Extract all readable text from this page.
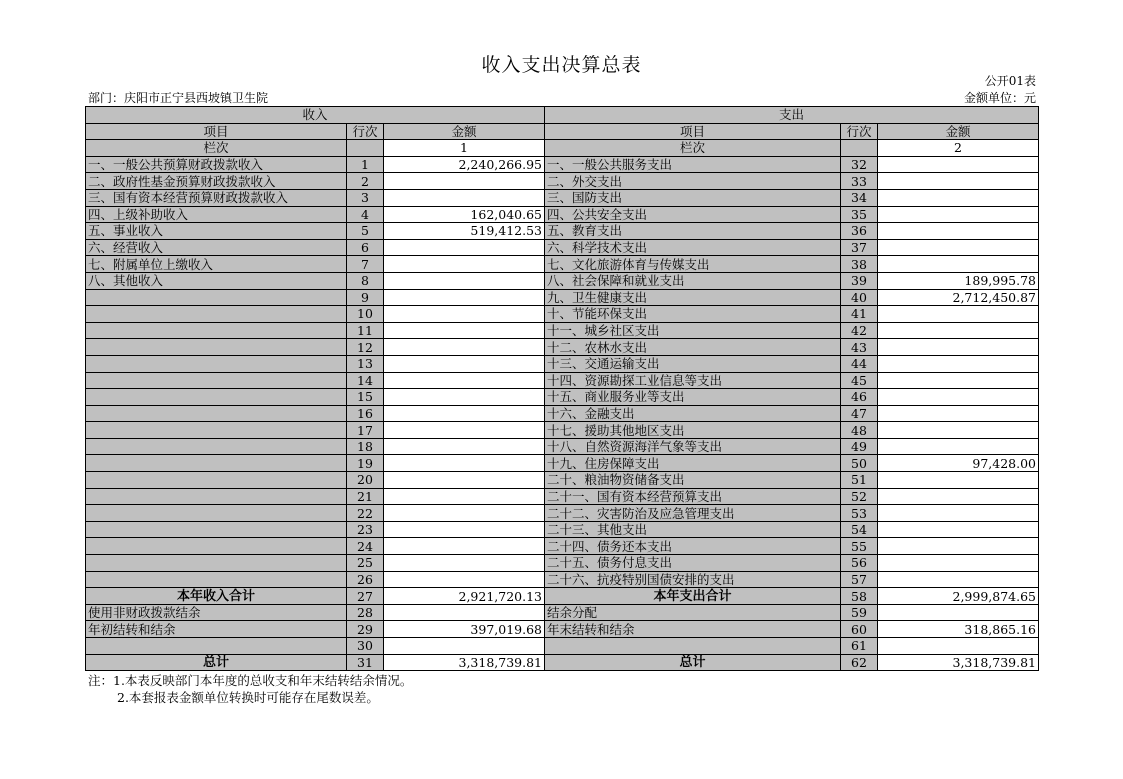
收入支出决算总表
公开01表
部门：庆阳市正宁县西坡镇卫生院	金额单位：元
收入			支出		
项目	行次	金额	项目	行次	金额
栏次		1	栏次		2
一、一般公共预算财政拨款收入	1	2,240,266.95	一、一般公共服务支出	32	
二、政府性基金预算财政拨款收入	2		二、外交支出	33	
三、国有资本经营预算财政拨款收入	3		三、国防支出	34	
四、上级补助收入	4	162,040.65	四、公共安全支出	35	
五、事业收入	5	519,412.53	五、教育支出	36	
六、经营收入	6		六、科学技术支出	37	
七、附属单位上缴收入	7		七、文化旅游体育与传媒支出	38	
八、其他收入	8		八、社会保障和就业支出	39	189,995.78
	9		九、卫生健康支出	40	2,712,450.87
	10		十、节能环保支出	41	
	11		十一、城乡社区支出	42	
	12		十二、农林水支出	43	
	13		十三、交通运输支出	44	
	14		十四、资源勘探工业信息等支出	45	
	15		十五、商业服务业等支出	46	
	16		十六、金融支出	47	
	17		十七、援助其他地区支出	48	
	18		十八、自然资源海洋气象等支出	49	
	19		十九、住房保障支出	50	97,428.00
	20		二十、粮油物资储备支出	51	
	21		二十一、国有资本经营预算支出	52	
	22		二十二、灾害防治及应急管理支出	53	
	23		二十三、其他支出	54	
	24		二十四、债务还本支出	55	
	25		二十五、债务付息支出	56	
	26		二十六、抗疫特别国债安排的支出	57	
本年收入合计	27	2,921,720.13	本年支出合计	58	2,999,874.65
使用非财政拨款结余	28		结余分配	59	
年初结转和结余	29	397,019.68	年末结转和结余	60	318,865.16
	30			61	
总计	31	3,318,739.81	总计	62	3,318,739.81
注：1.本表反映部门本年度的总收支和年末结转结余情况。
2.本套报表金额单位转换时可能存在尾数误差。
